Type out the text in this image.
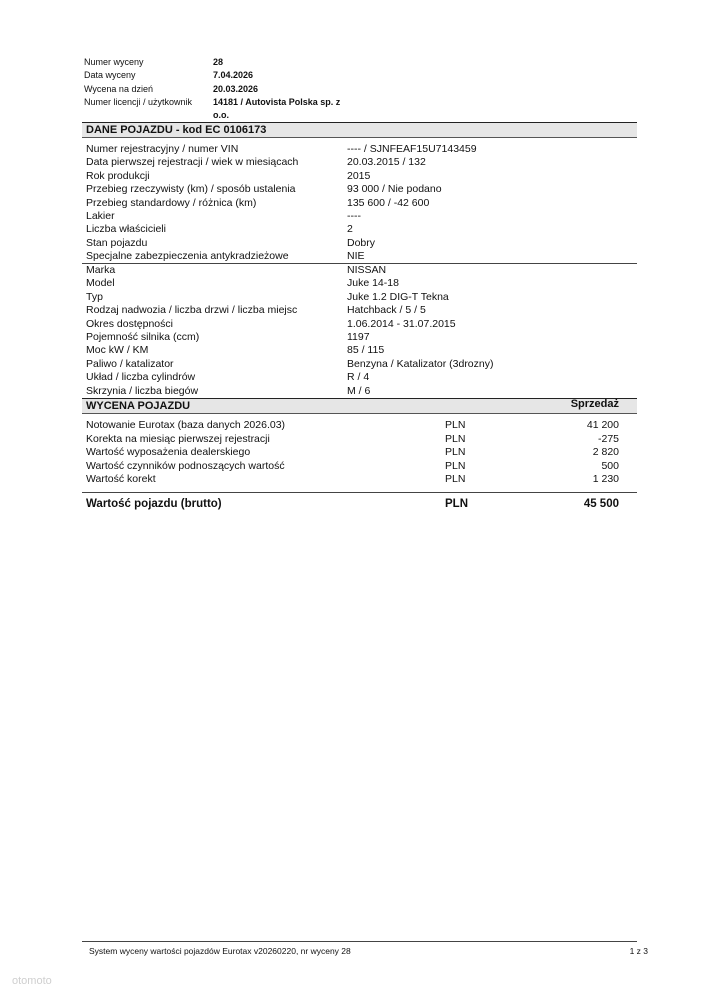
Numer wyceny	28
Data wyceny	7.04.2026
Wycena na dzień	20.03.2026
Numer licencji / użytkownik 14181 / Autovista Polska sp. z
o.o.
DANE POJAZDU - kod EC 0106173
Numer rejestracyjny / numer VIN	---- / SJNFEAF15U7143459
Data pierwszej rejestracji / wiek w miesiącach	20.03.2015 / 132
Rok produkcji	2015
Przebieg rzeczywisty (km) / sposób ustalenia	93 000 / Nie podano
Przebieg standardowy / różnica (km)	135 600 / -42 600
Lakier	----
Liczba właścicieli	2
Stan pojazdu	Dobry
Specjalne zabezpieczenia antykradzieżowe	NIE
Marka	NISSAN
Model	Juke 14-18
Typ	Juke 1.2 DIG-T Tekna
Rodzaj nadwozia / liczba drzwi / liczba miejsc	Hatchback / 5 / 5
Okres dostępności	1.06.2014 - 31.07.2015
Pojemność silnika (ccm)	1197
Moc kW / KM	85 / 115
Paliwo / katalizator	Benzyna / Katalizator (3drozny)
Układ / liczba cylindrów	R / 4
Skrzynia / liczba biegów	M / 6
WYCENA POJAZDU	Sprzedaż
Notowanie Eurotax (baza danych 2026.03)	PLN	41 200
Korekta na miesiąc pierwszej rejestracji	PLN	-275
Wartość wyposażenia dealerskiego	PLN	2 820
Wartość czynników podnoszących wartość	PLN	500
Wartość korekt	PLN	1 230
Wartość pojazdu (brutto)	PLN	45 500
System wyceny wartości pojazdów Eurotax v20260220, nr wyceny 28	1 z 3
otomoto
